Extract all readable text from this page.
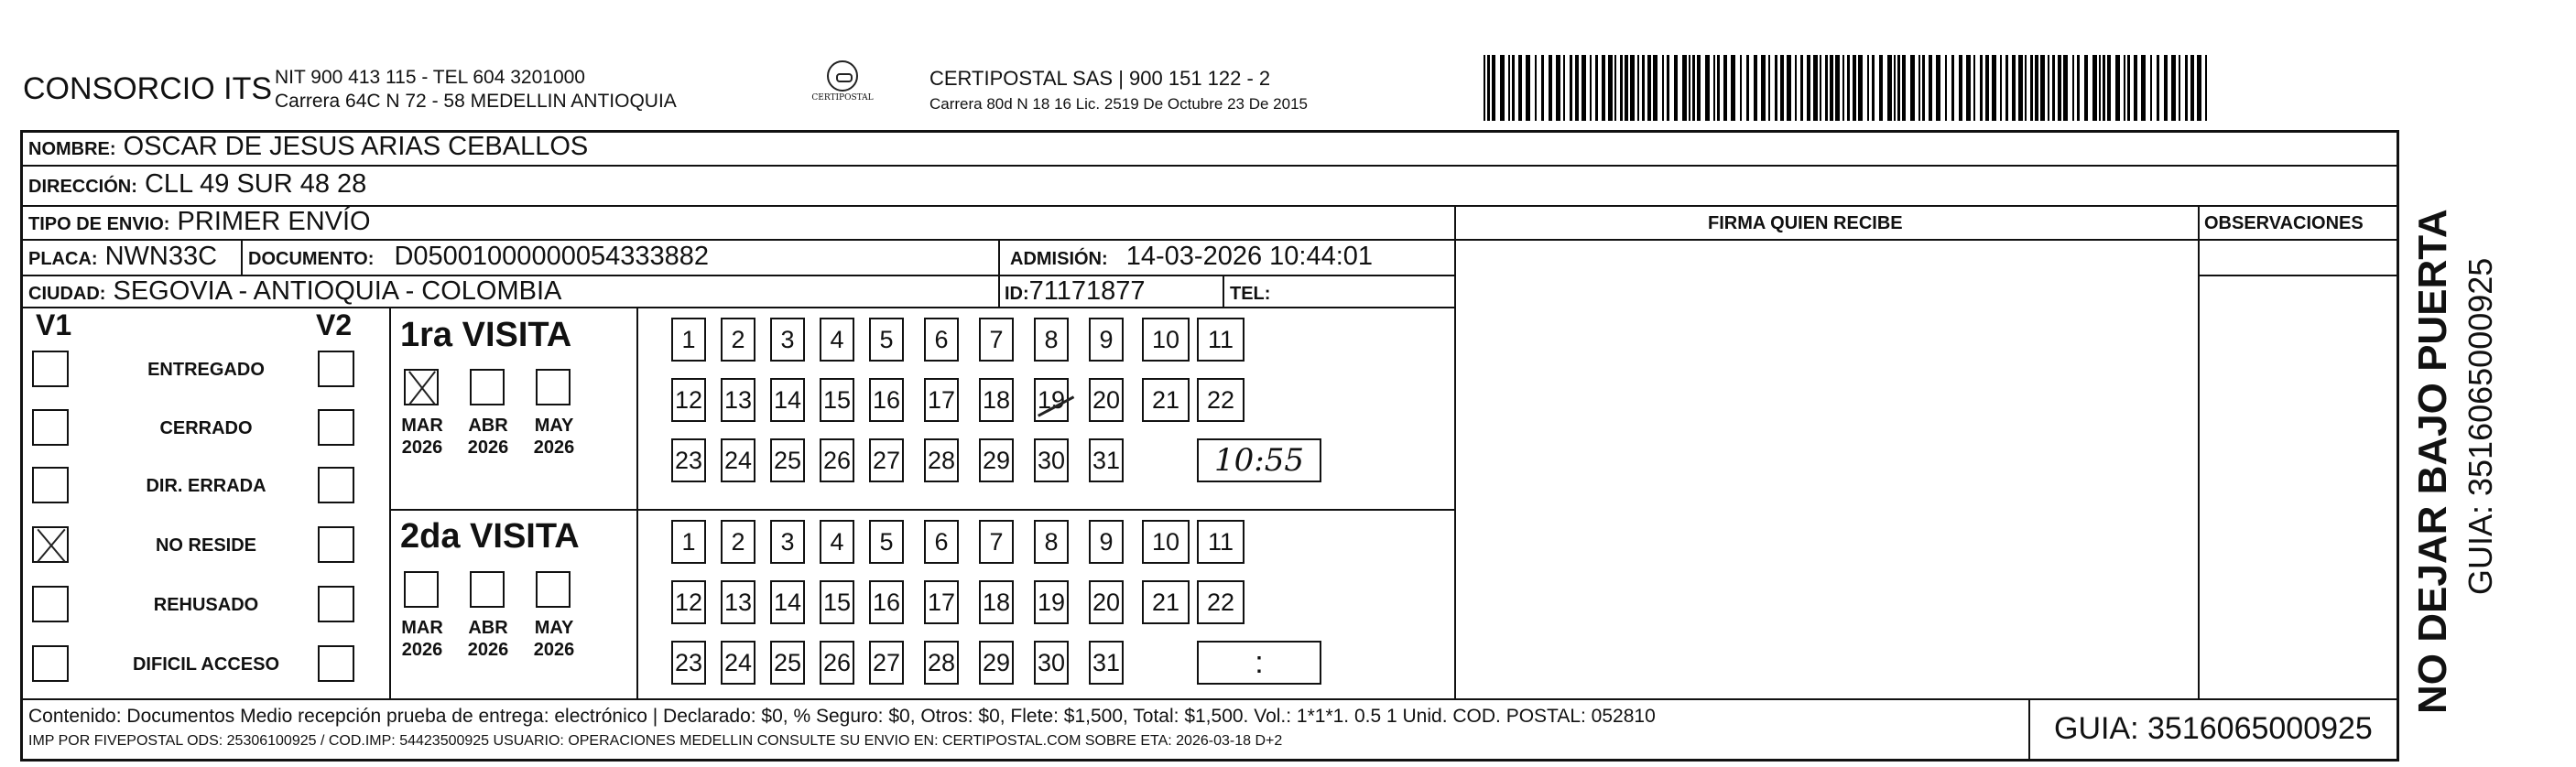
CONSORCIO ITS NIT 900 413 115 - TEL 604 3201000
Carrera 64C N 72 - 58 MEDELLIN ANTIOQUIA	CERTIPOSTAL
CERTIPOSTAL SAS | 900 151 122 - 2
Carrera 80d N 18 16 Lic. 2519 De Octubre 23 De 2015
NOMBRE: OSCAR DE JESUS ARIAS CEBALLOS
DIRECCIÓN: CLL 49 SUR 48 28
TIPO DE ENVIO: PRIMER ENVÍO
PLACA: NWN33C DOCUMENTO: D05001000000054333882	ADMISIÓN: 14-03-2026 10:44:01
CIUDAD: SEGOVIA - ANTIOQUIA - COLOMBIA	ID:71171877	TEL:
FIRMA QUIEN RECIBE	OBSERVACIONES
V1	V2
ENTREGADO
CERRADO
DIR. ERRADA
NO RESIDE
REHUSADO
DIFICIL ACCESO
1ra VISITA
2da VISITA
MAR
2026
ABR
2026
MAY
2026
1	2	3	4	5	6	7	8	9	10	11
12 13 14 15 16 17 18 19 20	21	22
23 24 25 26 27 28 29 30 31	10:55
MAR
2026
ABR
2026
MAY
2026
1	2	3	4	5	6	7	8	9	10	11
12 13 14 15 16 17 18 19 20	21	22
23 24 25 26 27 28 29 30 31	:
Contenido: Documentos Medio recepción prueba de entrega: electrónico | Declarado: $0, % Seguro: $0, Otros: $0, Flete: $1,500, Total: $1,500. Vol.: 1*1*1. 0.5 1 Unid. COD. POSTAL: 052810
IMP POR FIVEPOSTAL ODS: 25306100925 / COD.IMP: 54423500925 USUARIO: OPERACIONES MEDELLIN CONSULTE SU ENVIO EN: CERTIPOSTAL.COM SOBRE ETA: 2026-03-18 D+2	GUIA: 3516065000925
NO DEJAR BAJO PUERTA GUIA: 3516065000925
